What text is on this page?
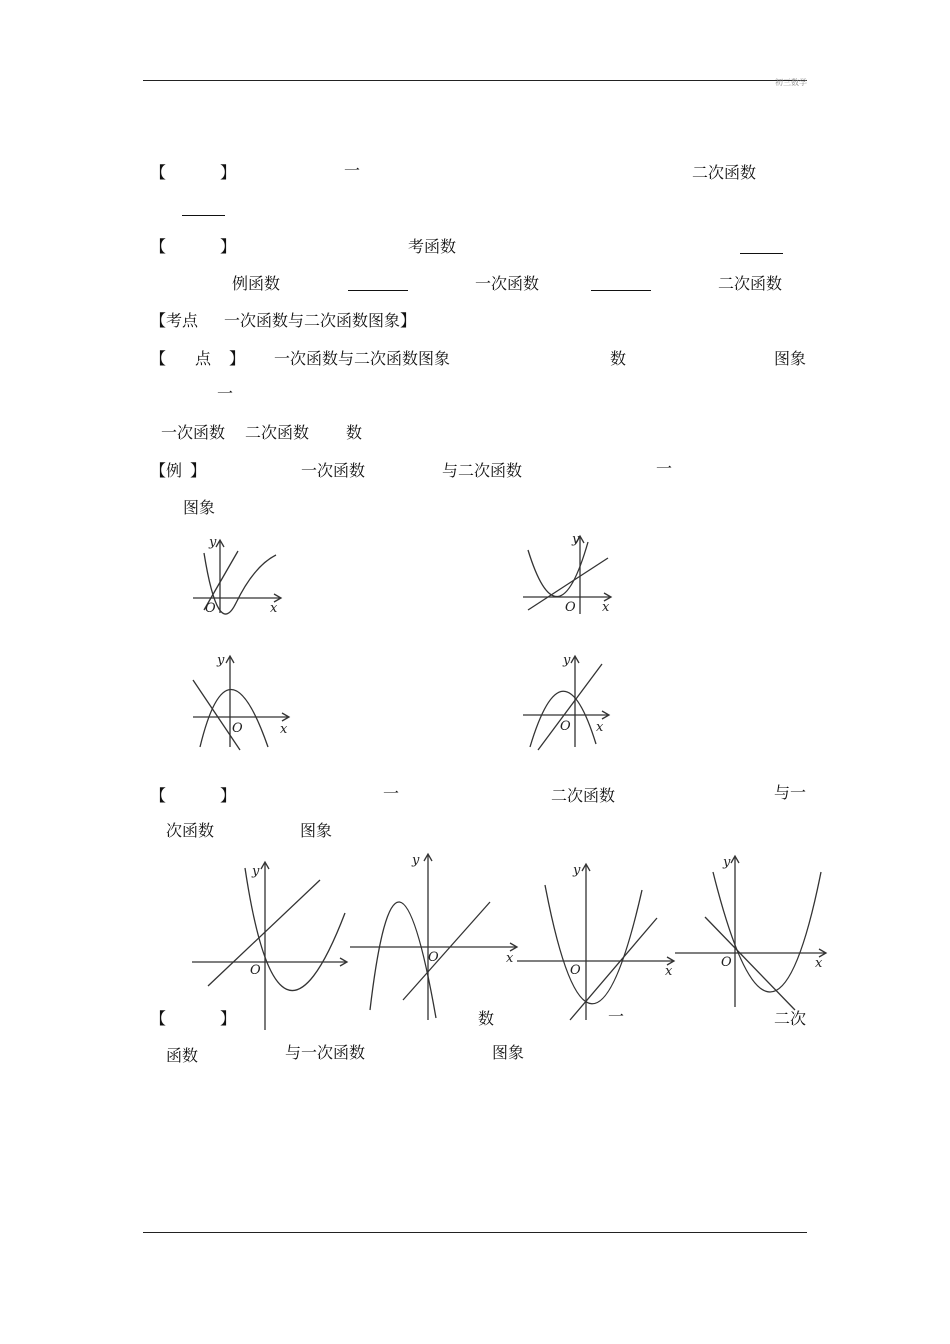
初三数学
【	】	一	二次函数
【	】	考函数
例函数	一次函数	二次函数
【考点 一次函数与二次函数图象】
【 点 】 一次函数与二次函数图象	数	图象
一
一次函数 二次函数 数
【例 】	一次函数	与二次函数	一
图象
y
x
O
y
x
O
y
x
O
y
x
O
【	】	一	二次函数	与一
次函数	图象
y
O
y
x
O
y
x
O
y
x
O
【	】	数	一	二次
函数	与一次函数	图象
